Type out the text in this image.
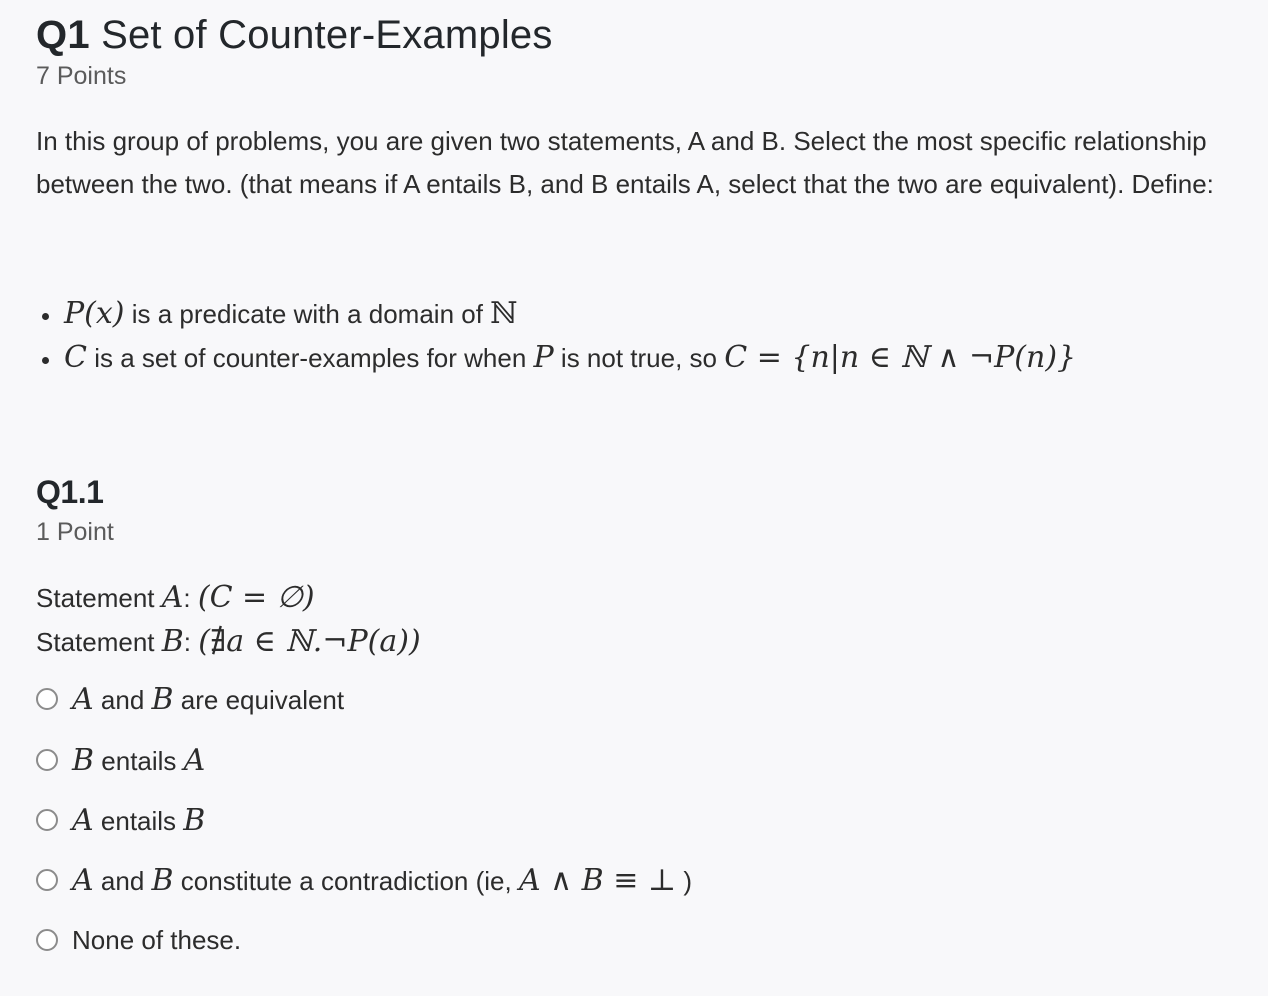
Q1 Set of Counter-Examples
7 Points

In this group of problems, you are given two statements, A and B. Select the most specific relationship between the two. (that means if A entails B, and B entails A, select that the two are equivalent). Define:

P(x) is a predicate with a domain of ℕ
C is a set of counter-examples for when P is not true, so C = {n|n ∈ ℕ ∧ ¬P(n)}
Q1.1
1 Point
Statement A: (C = ∅)
Statement B: (∄a ∈ ℕ.¬P(a))
A and B are equivalent
B entails A
A entails B
A and B constitute a contradiction (ie, A ∧ B ≡ ⊥ )
None of these.
